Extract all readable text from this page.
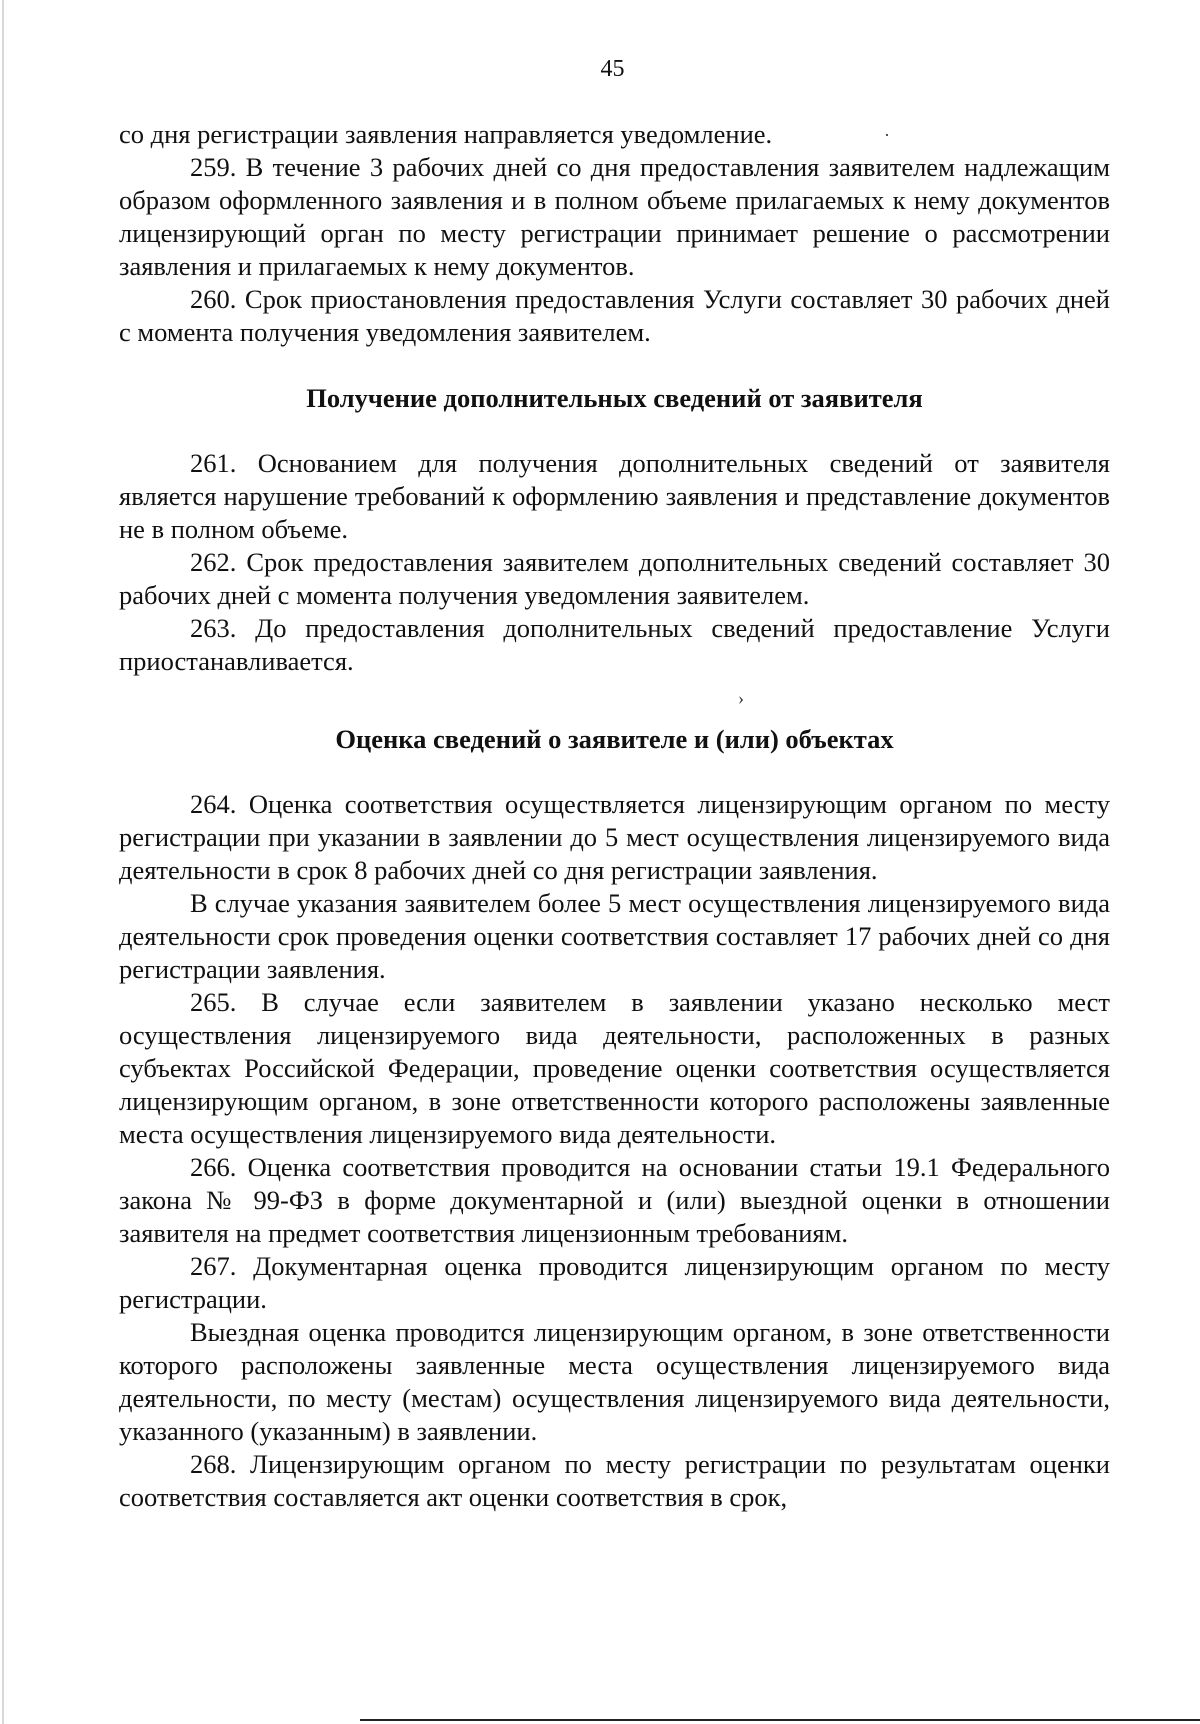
45

со дня регистрации заявления направляется уведомление.

259. В течение 3 рабочих дней со дня предоставления заявителем надлежащим образом оформленного заявления и в полном объеме прилагаемых к нему документов лицензирующий орган по месту регистрации принимает решение о рассмотрении заявления и прилагаемых к нему документов.

260. Срок приостановления предоставления Услуги составляет 30 рабочих дней с момента получения уведомления заявителем.

Получение дополнительных сведений от заявителя

261. Основанием для получения дополнительных сведений от заявителя является нарушение требований к оформлению заявления и представление документов не в полном объеме.

262. Срок предоставления заявителем дополнительных сведений составляет 30 рабочих дней с момента получения уведомления заявителем.

263. До предоставления дополнительных сведений предоставление Услуги приостанавливается.

Оценка сведений о заявителе и (или) объектах

264. Оценка соответствия осуществляется лицензирующим органом по месту регистрации при указании в заявлении до 5 мест осуществления лицензируемого вида деятельности в срок 8 рабочих дней со дня регистрации заявления.

В случае указания заявителем более 5 мест осуществления лицензируемого вида деятельности срок проведения оценки соответствия составляет 17 рабочих дней со дня регистрации заявления.

265. В случае если заявителем в заявлении указано несколько мест осуществления лицензируемого вида деятельности, расположенных в разных субъектах Российской Федерации, проведение оценки соответствия осуществляется лицензирующим органом, в зоне ответственности которого расположены заявленные места осуществления лицензируемого вида деятельности.

266. Оценка соответствия проводится на основании статьи 19.1 Федерального закона № 99-ФЗ в форме документарной и (или) выездной оценки в отношении заявителя на предмет соответствия лицензионным требованиям.

267. Документарная оценка проводится лицензирующим органом по месту регистрации.

Выездная оценка проводится лицензирующим органом, в зоне ответственности которого расположены заявленные места осуществления лицензируемого вида деятельности, по месту (местам) осуществления лицензируемого вида деятельности, указанного (указанным) в заявлении.

268. Лицензирующим органом по месту регистрации по результатам оценки соответствия составляется акт оценки соответствия в срок,

·
›
